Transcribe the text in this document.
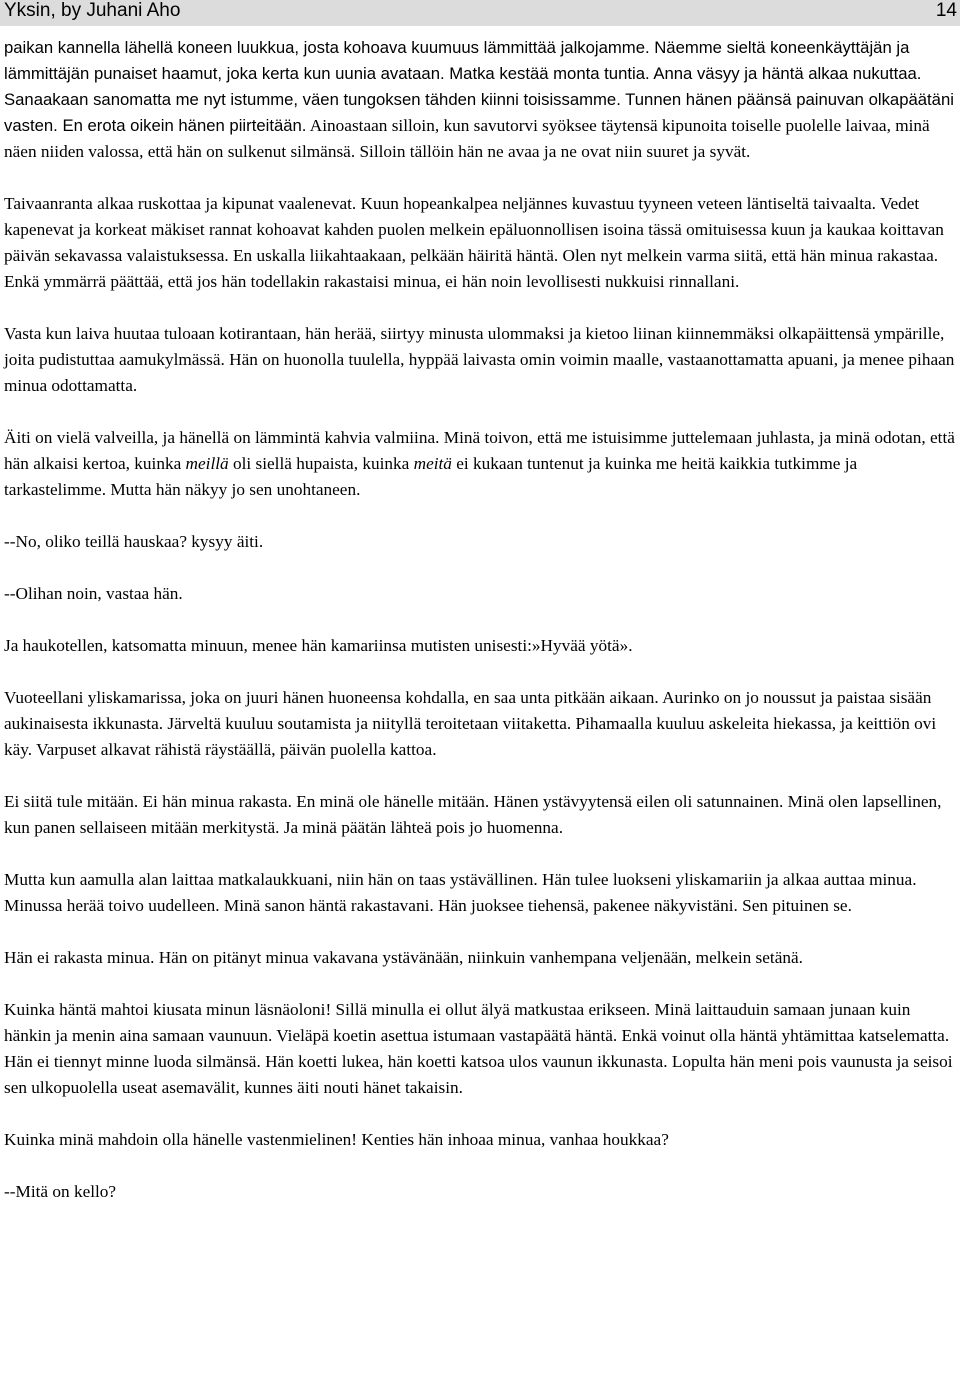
Yksin, by Juhani Aho	14

paikan kannella lähellä koneen luukkua, josta kohoava kuumuus lämmittää jalkojamme. Näemme sieltä koneenkäyttäjän ja lämmittäjän punaiset haamut, joka kerta kun uunia avataan. Matka kestää monta tuntia. Anna väsyy ja häntä alkaa nukuttaa. Sanaakaan sanomatta me nyt istumme, väen tungoksen tähden kiinni toisissamme. Tunnen hänen päänsä painuvan olkapäätäni vasten. En erota oikein hänen piirteitään. Ainoastaan silloin, kun savutorvi syöksee täytensä kipunoita toiselle puolelle laivaa, minä näen niiden valossa, että hän on sulkenut silmänsä. Silloin tällöin hän ne avaa ja ne ovat niin suuret ja syvät.

Taivaanranta alkaa ruskottaa ja kipunat vaalenevat. Kuun hopeankalpea neljännes kuvastuu tyyneen veteen läntiseltä taivaalta. Vedet kapenevat ja korkeat mäkiset rannat kohoavat kahden puolen melkein epäluonnollisen isoina tässä omituisessa kuun ja kaukaa koittavan päivän sekavassa valaistuksessa. En uskalla liikahtaakaan, pelkään häiritä häntä. Olen nyt melkein varma siitä, että hän minua rakastaa. Enkä ymmärrä päättää, että jos hän todellakin rakastaisi minua, ei hän noin levollisesti nukkuisi rinnallani.

Vasta kun laiva huutaa tuloaan kotirantaan, hän herää, siirtyy minusta ulommaksi ja kietoo liinan kiinnemmäksi olkapäittensä ympärille, joita pudistuttaa aamukylmässä. Hän on huonolla tuulella, hyppää laivasta omin voimin maalle, vastaanottamatta apuani, ja menee pihaan minua odottamatta.

Äiti on vielä valveilla, ja hänellä on lämmintä kahvia valmiina. Minä toivon, että me istuisimme juttelemaan juhlasta, ja minä odotan, että hän alkaisi kertoa, kuinka meillä oli siellä hupaista, kuinka meitä ei kukaan tuntenut ja kuinka me heitä kaikkia tutkimme ja tarkastelimme. Mutta hän näkyy jo sen unohtaneen.

--No, oliko teillä hauskaa? kysyy äiti.

--Olihan noin, vastaa hän.

Ja haukotellen, katsomatta minuun, menee hän kamariinsa mutisten unisesti:»Hyvää yötä».

Vuoteellani yliskamarissa, joka on juuri hänen huoneensa kohdalla, en saa unta pitkään aikaan. Aurinko on jo noussut ja paistaa sisään aukinaisesta ikkunasta. Järveltä kuuluu soutamista ja niityllä teroitetaan viitaketta. Pihamaalla kuuluu askeleita hiekassa, ja keittiön ovi käy. Varpuset alkavat rähistä räystäällä, päivän puolella kattoa.

Ei siitä tule mitään. Ei hän minua rakasta. En minä ole hänelle mitään. Hänen ystävyytensä eilen oli satunnainen. Minä olen lapsellinen, kun panen sellaiseen mitään merkitystä. Ja minä päätän lähteä pois jo huomenna.

Mutta kun aamulla alan laittaa matkalaukkuani, niin hän on taas ystävällinen. Hän tulee luokseni yliskamariin ja alkaa auttaa minua. Minussa herää toivo uudelleen. Minä sanon häntä rakastavani. Hän juoksee tiehensä, pakenee näkyvistäni. Sen pituinen se.

Hän ei rakasta minua. Hän on pitänyt minua vakavana ystävänään, niinkuin vanhempana veljenään, melkein setänä.

Kuinka häntä mahtoi kiusata minun läsnäoloni! Sillä minulla ei ollut älyä matkustaa erikseen. Minä laittauduin samaan junaan kuin hänkin ja menin aina samaan vaunuun. Vieläpä koetin asettua istumaan vastapäätä häntä. Enkä voinut olla häntä yhtämittaa katselematta. Hän ei tiennyt minne luoda silmänsä. Hän koetti lukea, hän koetti katsoa ulos vaunun ikkunasta. Lopulta hän meni pois vaunusta ja seisoi sen ulkopuolella useat asemavälit, kunnes äiti nouti hänet takaisin.

Kuinka minä mahdoin olla hänelle vastenmielinen! Kenties hän inhoaa minua, vanhaa houkkaa?

--Mitä on kello?
